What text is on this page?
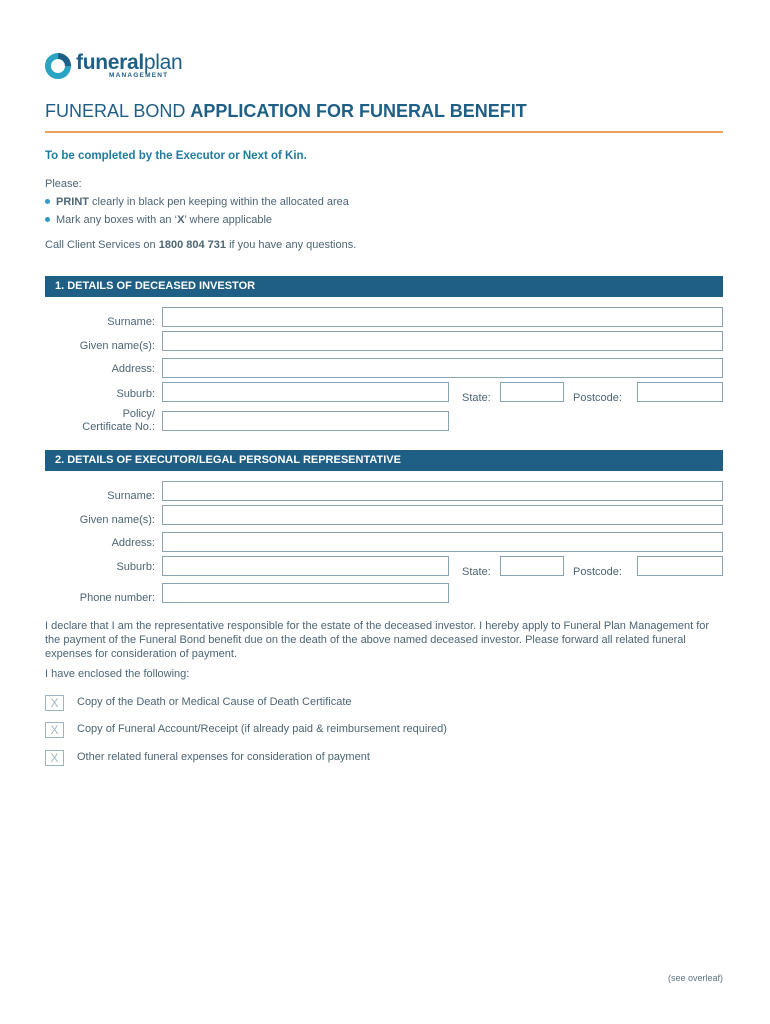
funeralplan
MANAGEMENT
FUNERAL BOND APPLICATION FOR FUNERAL BENEFIT
To be completed by the Executor or Next of Kin.
Please:
PRINT clearly in black pen keeping within the allocated area
Mark any boxes with an ‘X’ where applicable
Call Client Services on 1800 804 731 if you have any questions.
1. DETAILS OF DECEASED INVESTOR
Surname:
Given name(s):
Address:
Suburb:	State:	Postcode:
Policy/
Certificate No.:
2. DETAILS OF EXECUTOR/LEGAL PERSONAL REPRESENTATIVE
Surname:
Given name(s):
Address:
Suburb:	State:	Postcode:
Phone number:
I declare that I am the representative responsible for the estate of the deceased investor. I hereby apply to Funeral Plan Management for the payment of the Funeral Bond benefit due on the death of the above named deceased investor. Please forward all related funeral expenses for consideration of payment.
I have enclosed the following:
X	Copy of the Death or Medical Cause of Death Certificate
X	Copy of Funeral Account/Receipt (if already paid & reimbursement required)
X	Other related funeral expenses for consideration of payment
(see overleaf)
